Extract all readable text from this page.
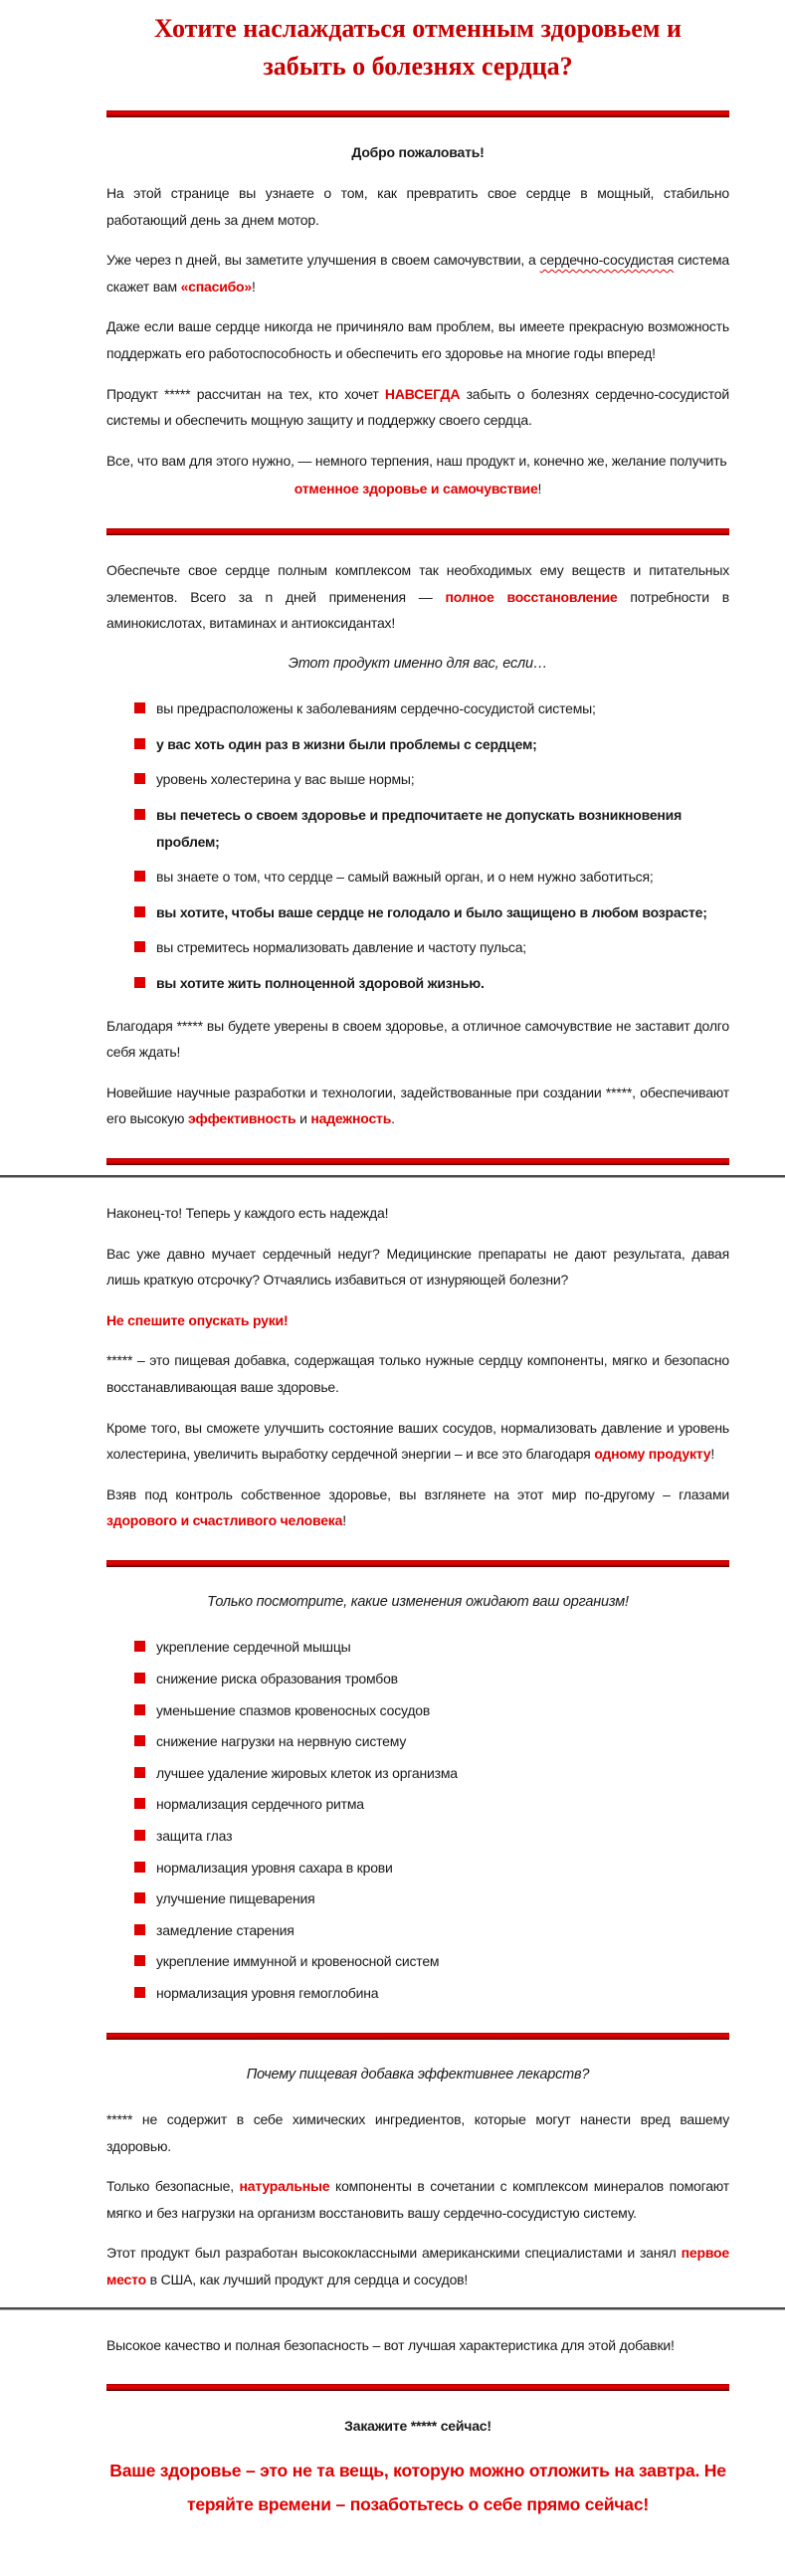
Хотите наслаждаться отменным здоровьем и
забыть о болезнях сердца?
Добро пожаловать!
На этой странице вы узнаете о том, как превратить свое сердце в мощный, стабильно работающий день за днем мотор.
Уже через n дней, вы заметите улучшения в своем самочувствии, а сердечно-сосудистая система скажет вам «спасибо»!
Даже если ваше сердце никогда не причиняло вам проблем, вы имеете прекрасную возможность поддержать его работоспособность и обеспечить его здоровье на многие годы вперед!
Продукт ***** рассчитан на тех, кто хочет НАВСЕГДА забыть о болезнях сердечно-сосудистой системы и обеспечить мощную защиту и поддержку своего сердца.
Все, что вам для этого нужно, — немного терпения, наш продукт и, конечно же, желание получить
отменное здоровье и самочувствие!
Обеспечьте свое сердце полным комплексом так необходимых ему веществ и питательных элементов. Всего за n дней применения — полное восстановление потребности в аминокислотах, витаминах и антиоксидантах!
Этот продукт именно для вас, если…
вы предрасположены к заболеваниям сердечно-сосудистой системы;
у вас хоть один раз в жизни были проблемы с сердцем;
уровень холестерина у вас выше нормы;
вы печетесь о своем здоровье и предпочитаете не допускать возникновения проблем;
вы знаете о том, что сердце – самый важный орган, и о нем нужно заботиться;
вы хотите, чтобы ваше сердце не голодало и было защищено в любом возрасте;
вы стремитесь нормализовать давление и частоту пульса;
вы хотите жить полноценной здоровой жизнью.
Благодаря ***** вы будете уверены в своем здоровье, а отличное самочувствие не заставит долго себя ждать!
Новейшие научные разработки и технологии, задействованные при создании *****, обеспечивают его высокую эффективность и надежность.
Наконец-то! Теперь у каждого есть надежда!
Вас уже давно мучает сердечный недуг? Медицинские препараты не дают результата, давая лишь краткую отсрочку? Отчаялись избавиться от изнуряющей болезни?
Не спешите опускать руки!
***** – это пищевая добавка, содержащая только нужные сердцу компоненты, мягко и безопасно восстанавливающая ваше здоровье.
Кроме того, вы сможете улучшить состояние ваших сосудов, нормализовать давление и уровень холестерина, увеличить выработку сердечной энергии – и все это благодаря одному продукту!
Взяв под контроль собственное здоровье, вы взглянете на этот мир по-другому – глазами здорового и счастливого человека!
Только посмотрите, какие изменения ожидают ваш организм!
укрепление сердечной мышцы
снижение риска образования тромбов
уменьшение спазмов кровеносных сосудов
снижение нагрузки на нервную систему
лучшее удаление жировых клеток из организма
нормализация сердечного ритма
защита глаз
нормализация уровня сахара в крови
улучшение пищеварения
замедление старения
укрепление иммунной и кровеносной систем
нормализация уровня гемоглобина
Почему пищевая добавка эффективнее лекарств?
***** не содержит в себе химических ингредиентов, которые могут нанести вред вашему здоровью.
Только безопасные, натуральные компоненты в сочетании с комплексом минералов помогают мягко и без нагрузки на организм восстановить вашу сердечно-сосудистую систему.
Этот продукт был разработан высококлассными американскими специалистами и занял первое место в США, как лучший продукт для сердца и сосудов!
Высокое качество и полная безопасность – вот лучшая характеристика для этой добавки!
Закажите ***** сейчас!
Ваше здоровье – это не та вещь, которую можно отложить на завтра. Не теряйте времени – позаботьтесь о себе прямо сейчас!
